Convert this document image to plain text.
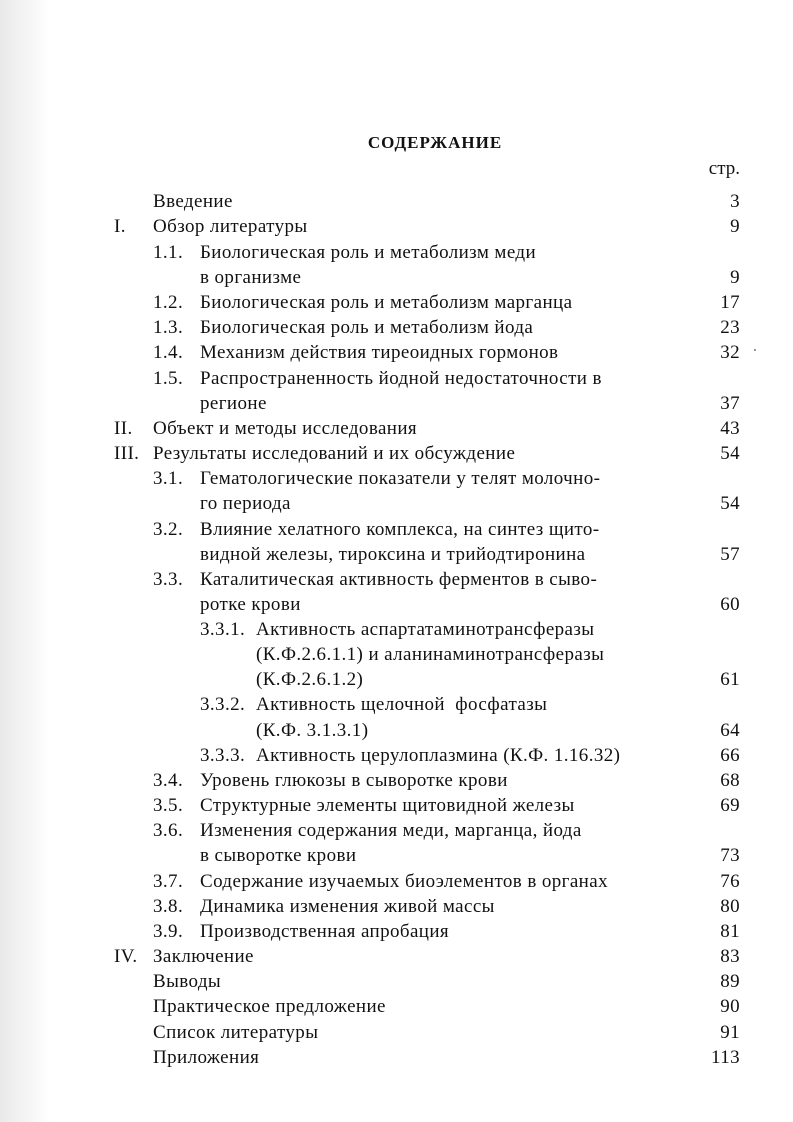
СОДЕРЖАНИЕ
стр.
Введение	3
I. Обзор литературы	9
1.1. Биологическая роль и метаболизм меди
в организме	9
1.2. Биологическая роль и метаболизм марганца	17
1.3. Биологическая роль и метаболизм йода	23
1.4. Механизм действия тиреоидных гормонов	32
1.5. Распространенность йодной недостаточности в
регионе	37
II. Объект и методы исследования	43
III. Результаты исследований и их обсуждение	54
3.1. Гематологические показатели у телят молочно-
го периода	54
3.2. Влияние хелатного комплекса, на синтез щито-
видной железы, тироксина и трийодтиронина	57
3.3. Каталитическая активность ферментов в сыво-
ротке крови	60
3.3.1. Активность аспартатаминотрансферазы
(К.Ф.2.6.1.1) и аланинаминотрансферазы
(К.Ф.2.6.1.2)	61
3.3.2. Активность щелочной  фосфатазы
(К.Ф. 3.1.3.1)	64
3.3.3. Активность церулоплазмина (К.Ф. 1.16.32)	66
3.4. Уровень глюкозы в сыворотке крови	68
3.5. Структурные элементы щитовидной железы	69
3.6. Изменения содержания меди, марганца, йода
в сыворотке крови	73
3.7. Содержание изучаемых биоэлементов в органах	76
3.8. Динамика изменения живой массы	80
3.9. Производственная апробация	81
IV. Заключение	83
Выводы	89
Практическое предложение	90
Список литературы	91
Приложения	113
